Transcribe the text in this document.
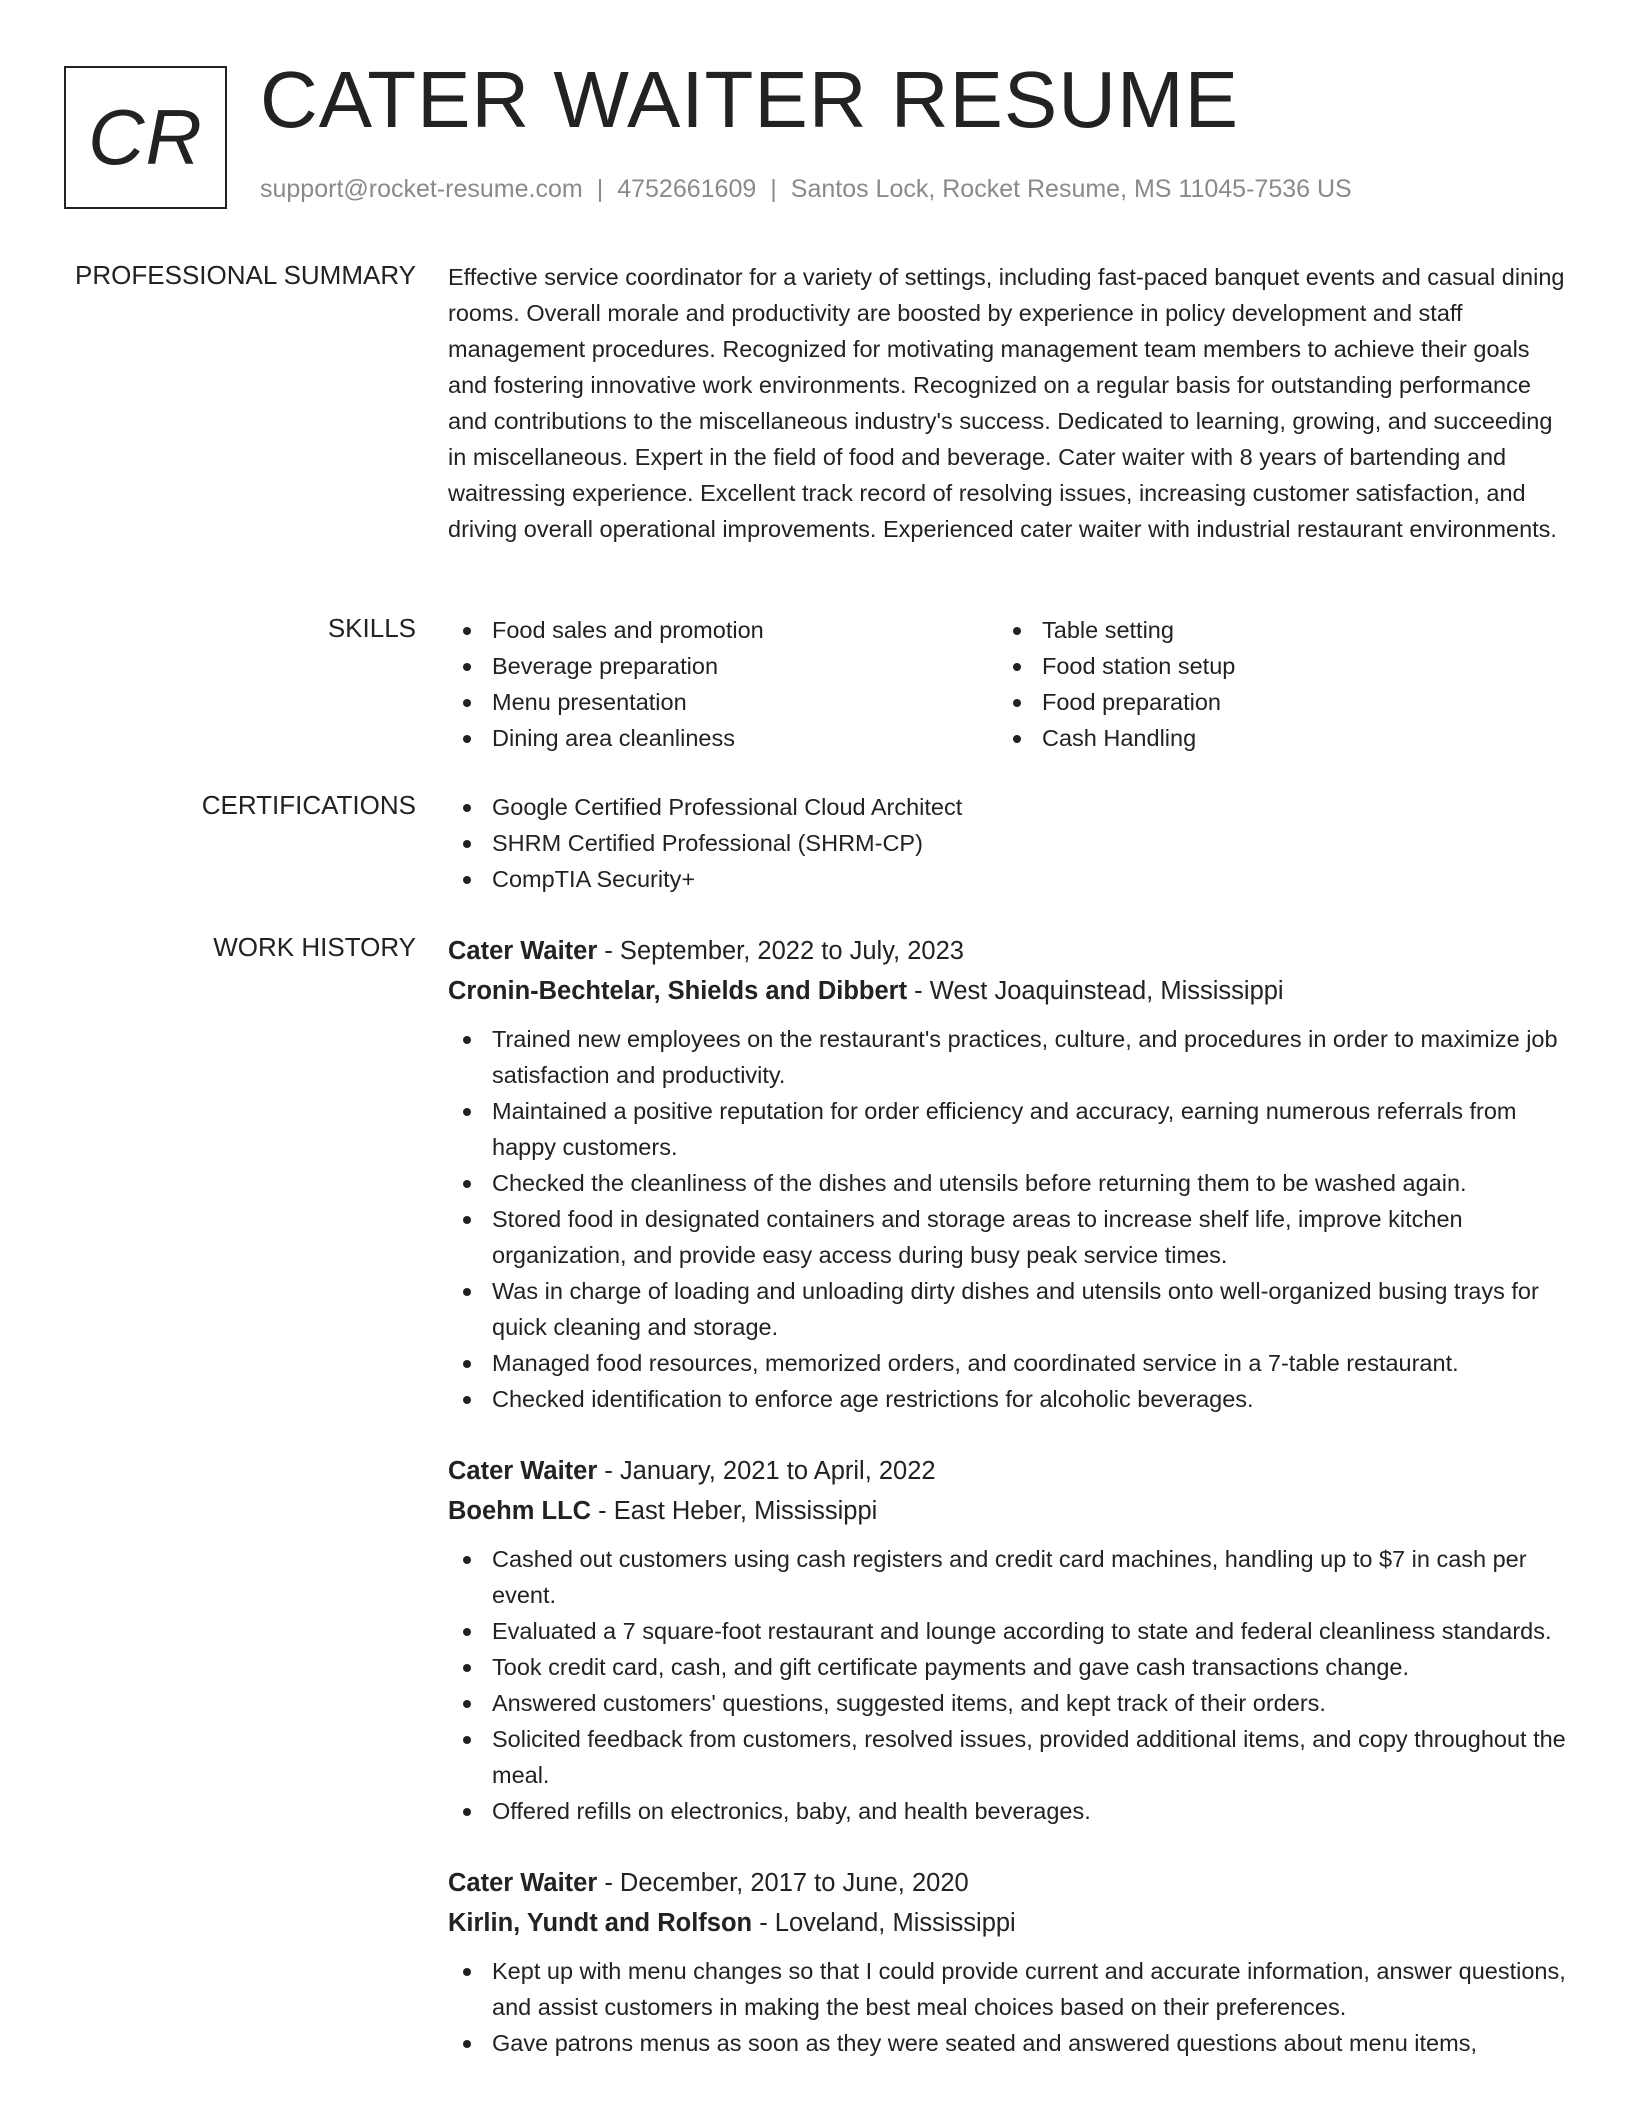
CR CATER WAITER RESUME
support@rocket-resume.com | 4752661609 | Santos Lock, Rocket Resume, MS 11045-7536 US
PROFESSIONAL SUMMARY Effective service coordinator for a variety of settings, including fast-paced banquet events and casual dining rooms. Overall morale and productivity are boosted by experience in policy development and staff management procedures. Recognized for motivating management team members to achieve their goals and fostering innovative work environments. Recognized on a regular basis for outstanding performance and contributions to the miscellaneous industry's success. Dedicated to learning, growing, and succeeding in miscellaneous. Expert in the field of food and beverage. Cater waiter with 8 years of bartending and waitressing experience. Excellent track record of resolving issues, increasing customer satisfaction, and driving overall operational improvements. Experienced cater waiter with industrial restaurant environments.

SKILLS	Food sales and promotion
Beverage preparation
Menu presentation
Dining area cleanliness
Table setting
Food station setup
Food preparation
Cash Handling
CERTIFICATIONS	Google Certified Professional Cloud Architect
SHRM Certified Professional (SHRM-CP)
CompTIA Security+
WORK HISTORY Cater Waiter - September, 2022 to July, 2023
Cronin-Bechtelar, Shields and Dibbert - West Joaquinstead, Mississippi
Trained new employees on the restaurant's practices, culture, and procedures in order to maximize job satisfaction and productivity.
Maintained a positive reputation for order efficiency and accuracy, earning numerous referrals from happy customers.
Checked the cleanliness of the dishes and utensils before returning them to be washed again.
Stored food in designated containers and storage areas to increase shelf life, improve kitchen organization, and provide easy access during busy peak service times.
Was in charge of loading and unloading dirty dishes and utensils onto well-organized busing trays for quick cleaning and storage.
Managed food resources, memorized orders, and coordinated service in a 7-table restaurant.
Checked identification to enforce age restrictions for alcoholic beverages.
Cater Waiter - January, 2021 to April, 2022
Boehm LLC - East Heber, Mississippi
Cashed out customers using cash registers and credit card machines, handling up to $7 in cash per event.
Evaluated a 7 square-foot restaurant and lounge according to state and federal cleanliness standards.
Took credit card, cash, and gift certificate payments and gave cash transactions change.
Answered customers' questions, suggested items, and kept track of their orders.
Solicited feedback from customers, resolved issues, provided additional items, and copy throughout the meal.
Offered refills on electronics, baby, and health beverages.
Cater Waiter - December, 2017 to June, 2020
Kirlin, Yundt and Rolfson - Loveland, Mississippi
Kept up with menu changes so that I could provide current and accurate information, answer questions, and assist customers in making the best meal choices based on their preferences.
Gave patrons menus as soon as they were seated and answered questions about menu items,
